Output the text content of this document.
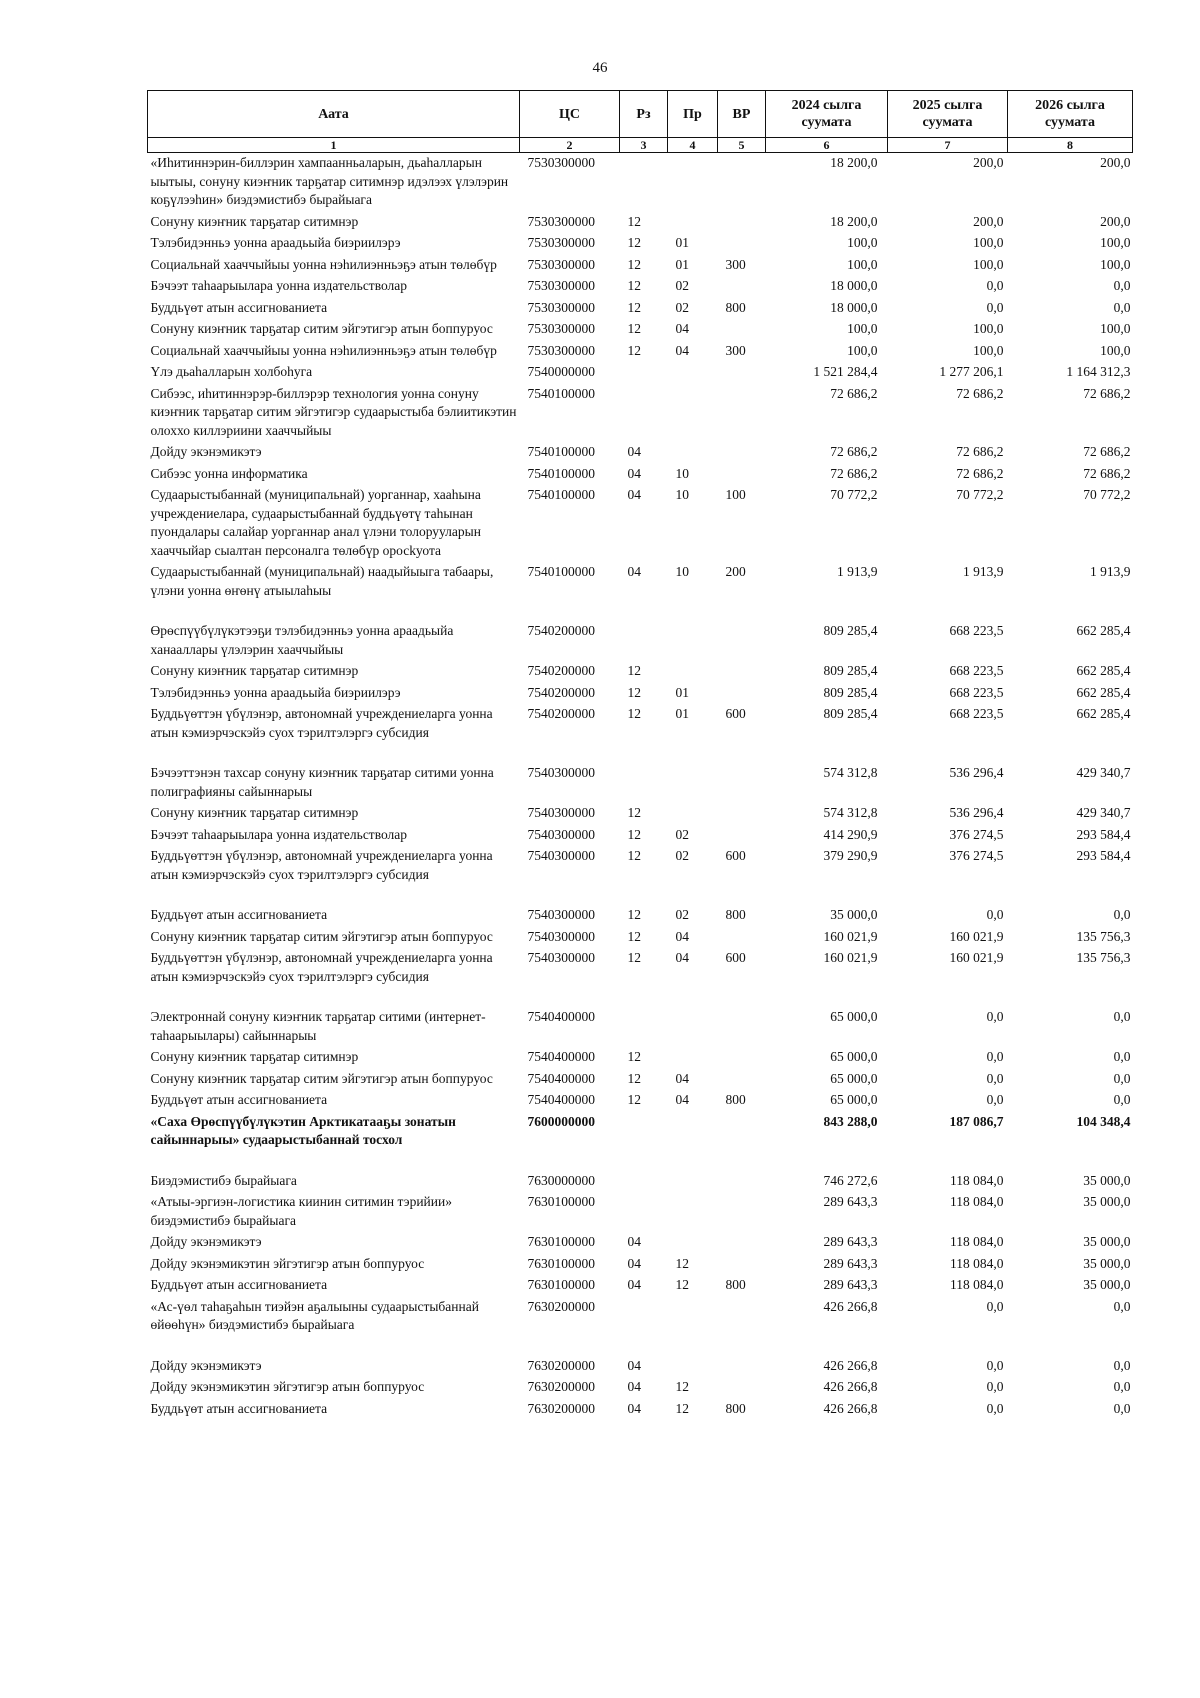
46
Аата	ЦС	Рз	Пр	ВР	2024 сылга суумата	2025 сылга суумата	2026 сылга суумата
1	2	3	4	5	6	7	8
«Иһитиннэрин-биллэрин хампаанньаларын, дьаһалларын ыытыы, сонуну киэҥник тарҕатар ситимнэр идэлээх үлэлэрин коҕүлээһин» биэдэмистибэ бырайыага	7530300000				18 200,0	200,0	200,0
Сонуну киэҥник тарҕатар ситимнэр	7530300000	12			18 200,0	200,0	200,0
Тэлэбидэнньэ уонна араадьыйа биэриилэрэ	7530300000	12	01		100,0	100,0	100,0
Социальнай хааччыйыы уонна нэһилиэнньэҕэ атын төлөбүр	7530300000	12	01	300	100,0	100,0	100,0
Бэчээт таһаарыылара уонна издательстволар	7530300000	12	02		18 000,0	0,0	0,0
Буддьүөт атын ассигнованиета	7530300000	12	02	800	18 000,0	0,0	0,0
Сонуну киэҥник тарҕатар ситим эйгэтигэр атын боппуруос	7530300000	12	04		100,0	100,0	100,0
Социальнай хааччыйыы уонна нэһилиэнньэҕэ атын төлөбүр	7530300000	12	04	300	100,0	100,0	100,0
Үлэ дьаһалларын холбоһуга	7540000000				1 521 284,4	1 277 206,1	1 164 312,3
Сибээс, иһитиннэрэр-биллэрэр технология уонна сонуну киэҥник тарҕатар ситим эйгэтигэр судаарыстыба бэлиитикэтин олоххо киллэриини хааччыйыы	7540100000				72 686,2	72 686,2	72 686,2
Дойду экэнэмикэтэ	7540100000	04			72 686,2	72 686,2	72 686,2
Сибээс уонна информатика	7540100000	04	10		72 686,2	72 686,2	72 686,2
Судаарыстыбаннай (муниципальнай) уорганнар, хааһына учреждениелара, судаарыстыбаннай буддьүөтү таһынан пуондалары салайар уорганнар анал үлэни толорууларын хааччыйар сыалтан персоналга төлөбүр оросkуота	7540100000	04	10	100	70 772,2	70 772,2	70 772,2
Судаарыстыбаннай (муниципальнай) наадыйыыга табаары, үлэни уонна өҥөнү атыылаһыы	7540100000	04	10	200	1 913,9	1 913,9	1 913,9
Өрөспүүбүлүкэтээҕи тэлэбидэнньэ уонна араадьыйа ханааллары үлэлэрин хааччыйыы	7540200000				809 285,4	668 223,5	662 285,4
Сонуну киэҥник тарҕатар ситимнэр	7540200000	12			809 285,4	668 223,5	662 285,4
Тэлэбидэнньэ уонна араадьыйа биэриилэрэ	7540200000	12	01		809 285,4	668 223,5	662 285,4
Буддьүөттэн үбүлэнэр, автономнай учреждениеларга уонна атын кэмиэрчэскэйэ суох тэрилтэлэргэ субсидия	7540200000	12	01	600	809 285,4	668 223,5	662 285,4
Бэчээттэнэн тахсар сонуну киэҥник тарҕатар ситими уонна полиграфияны сайыннарыы	7540300000				574 312,8	536 296,4	429 340,7
Сонуну киэҥник тарҕатар ситимнэр	7540300000	12			574 312,8	536 296,4	429 340,7
Бэчээт таһаарыылара уонна издательстволар	7540300000	12	02		414 290,9	376 274,5	293 584,4
Буддьүөттэн үбүлэнэр, автономнай учреждениеларга уонна атын кэмиэрчэскэйэ суох тэрилтэлэргэ субсидия	7540300000	12	02	600	379 290,9	376 274,5	293 584,4
Буддьүөт атын ассигнованиета	7540300000	12	02	800	35 000,0	0,0	0,0
Сонуну киэҥник тарҕатар ситим эйгэтигэр атын боппуруос	7540300000	12	04		160 021,9	160 021,9	135 756,3
Буддьүөттэн үбүлэнэр, автономнай учреждениеларга уонна атын кэмиэрчэскэйэ суох тэрилтэлэргэ субсидия	7540300000	12	04	600	160 021,9	160 021,9	135 756,3
Электроннай сонуну киэҥник тарҕатар ситими (интернет-таһаарыылары) сайыннарыы	7540400000				65 000,0	0,0	0,0
Сонуну киэҥник тарҕатар ситимнэр	7540400000	12			65 000,0	0,0	0,0
Сонуну киэҥник тарҕатар ситим эйгэтигэр атын боппуруос	7540400000	12	04		65 000,0	0,0	0,0
Буддьүөт атын ассигнованиета	7540400000	12	04	800	65 000,0	0,0	0,0
«Саха Өрөспүүбүлүкэтин Арктикатааҕы зонатын сайыннарыы» судаарыстыбаннай тосхол	7600000000				843 288,0	187 086,7	104 348,4
Биэдэмистибэ бырайыага	7630000000				746 272,6	118 084,0	35 000,0
«Атыы-эргиэн-логистика киинин ситимин тэрийии» биэдэмистибэ бырайыага	7630100000				289 643,3	118 084,0	35 000,0
Дойду экэнэмикэтэ	7630100000	04			289 643,3	118 084,0	35 000,0
Дойду экэнэмикэтин эйгэтигэр атын боппуруос	7630100000	04	12		289 643,3	118 084,0	35 000,0
Буддьүөт атын ассигнованиета	7630100000	04	12	800	289 643,3	118 084,0	35 000,0
«Ас-үөл таһаҕаһын тиэйэн аҕалыыны судаарыстыбаннай өйөөһүн» биэдэмистибэ бырайыага	7630200000				426 266,8	0,0	0,0
Дойду экэнэмикэтэ	7630200000	04			426 266,8	0,0	0,0
Дойду экэнэмикэтин эйгэтигэр атын боппуруос	7630200000	04	12		426 266,8	0,0	0,0
Буддьүөт атын ассигнованиета	7630200000	04	12	800	426 266,8	0,0	0,0
